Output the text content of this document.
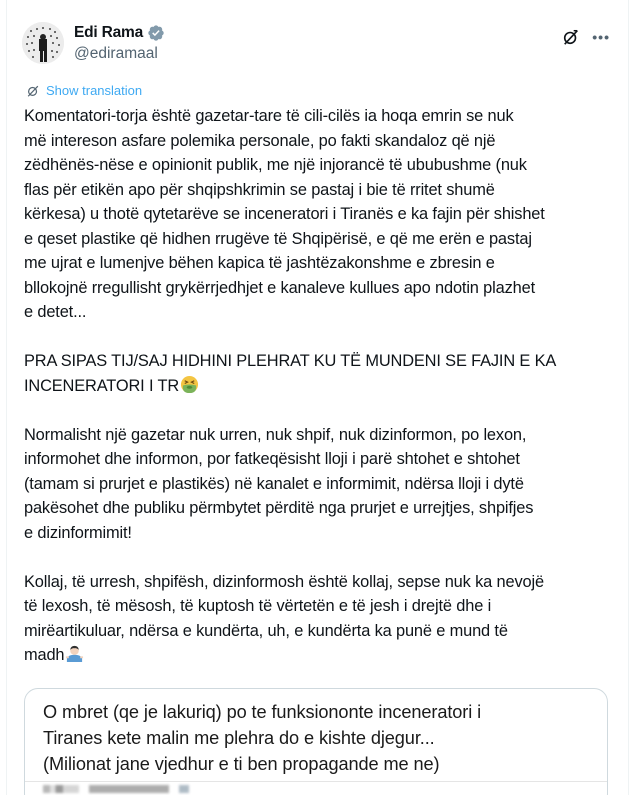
Edi Rama
@ediramaal
•••
Show translation
Komentatori-torja është gazetar-tare të cili-cilës ia hoqa emrin se nuk
më intereson asfare polemika personale, po fakti skandaloz që një
zëdhënës-nëse e opinionit publik, me një injorancë të ububushme (nuk
flas për etikën apo për shqipshkrimin se pastaj i bie të rritet shumë
kërkesa) u thotë qytetarëve se inceneratori i Tiranës e ka fajin për shishet
e qeset plastike që hidhen rrugëve të Shqipërisë, e që me erën e pastaj
me ujrat e lumenjve bëhen kapica të jashtëzakonshme e zbresin e
bllokojnë rregullisht grykërrjedhjet e kanaleve kullues apo ndotin plazhet
e detet...
PRA SIPAS TIJ/SAJ HIDHINI PLEHRAT KU TË MUNDENI SE FAJIN E KA
INCENERATORI I TR
Normalisht një gazetar nuk urren, nuk shpif, nuk dizinformon, po lexon,
informohet dhe informon, por fatkeqësisht lloji i parë shtohet e shtohet
(tamam si prurjet e plastikës) në kanalet e informimit, ndërsa lloji i dytë
pakësohet dhe publiku përmbytet përditë nga prurjet e urrejtjes, shpifjes
e dizinformimit!
Kollaj, të urresh, shpifësh, dizinformosh është kollaj, sepse nuk ka nevojë
të lexosh, të mësosh, të kuptosh të vërtetën e të jesh i drejtë dhe i
mirëartikuluar, ndërsa e kundërta, uh, e kundërta ka punë e mund të
madh
O mbret (qe je lakuriq) po te funksiononte inceneratori i
Tiranes kete malin me plehra do e kishte djegur...
(Milionat jane vjedhur e ti ben propagande me ne)
